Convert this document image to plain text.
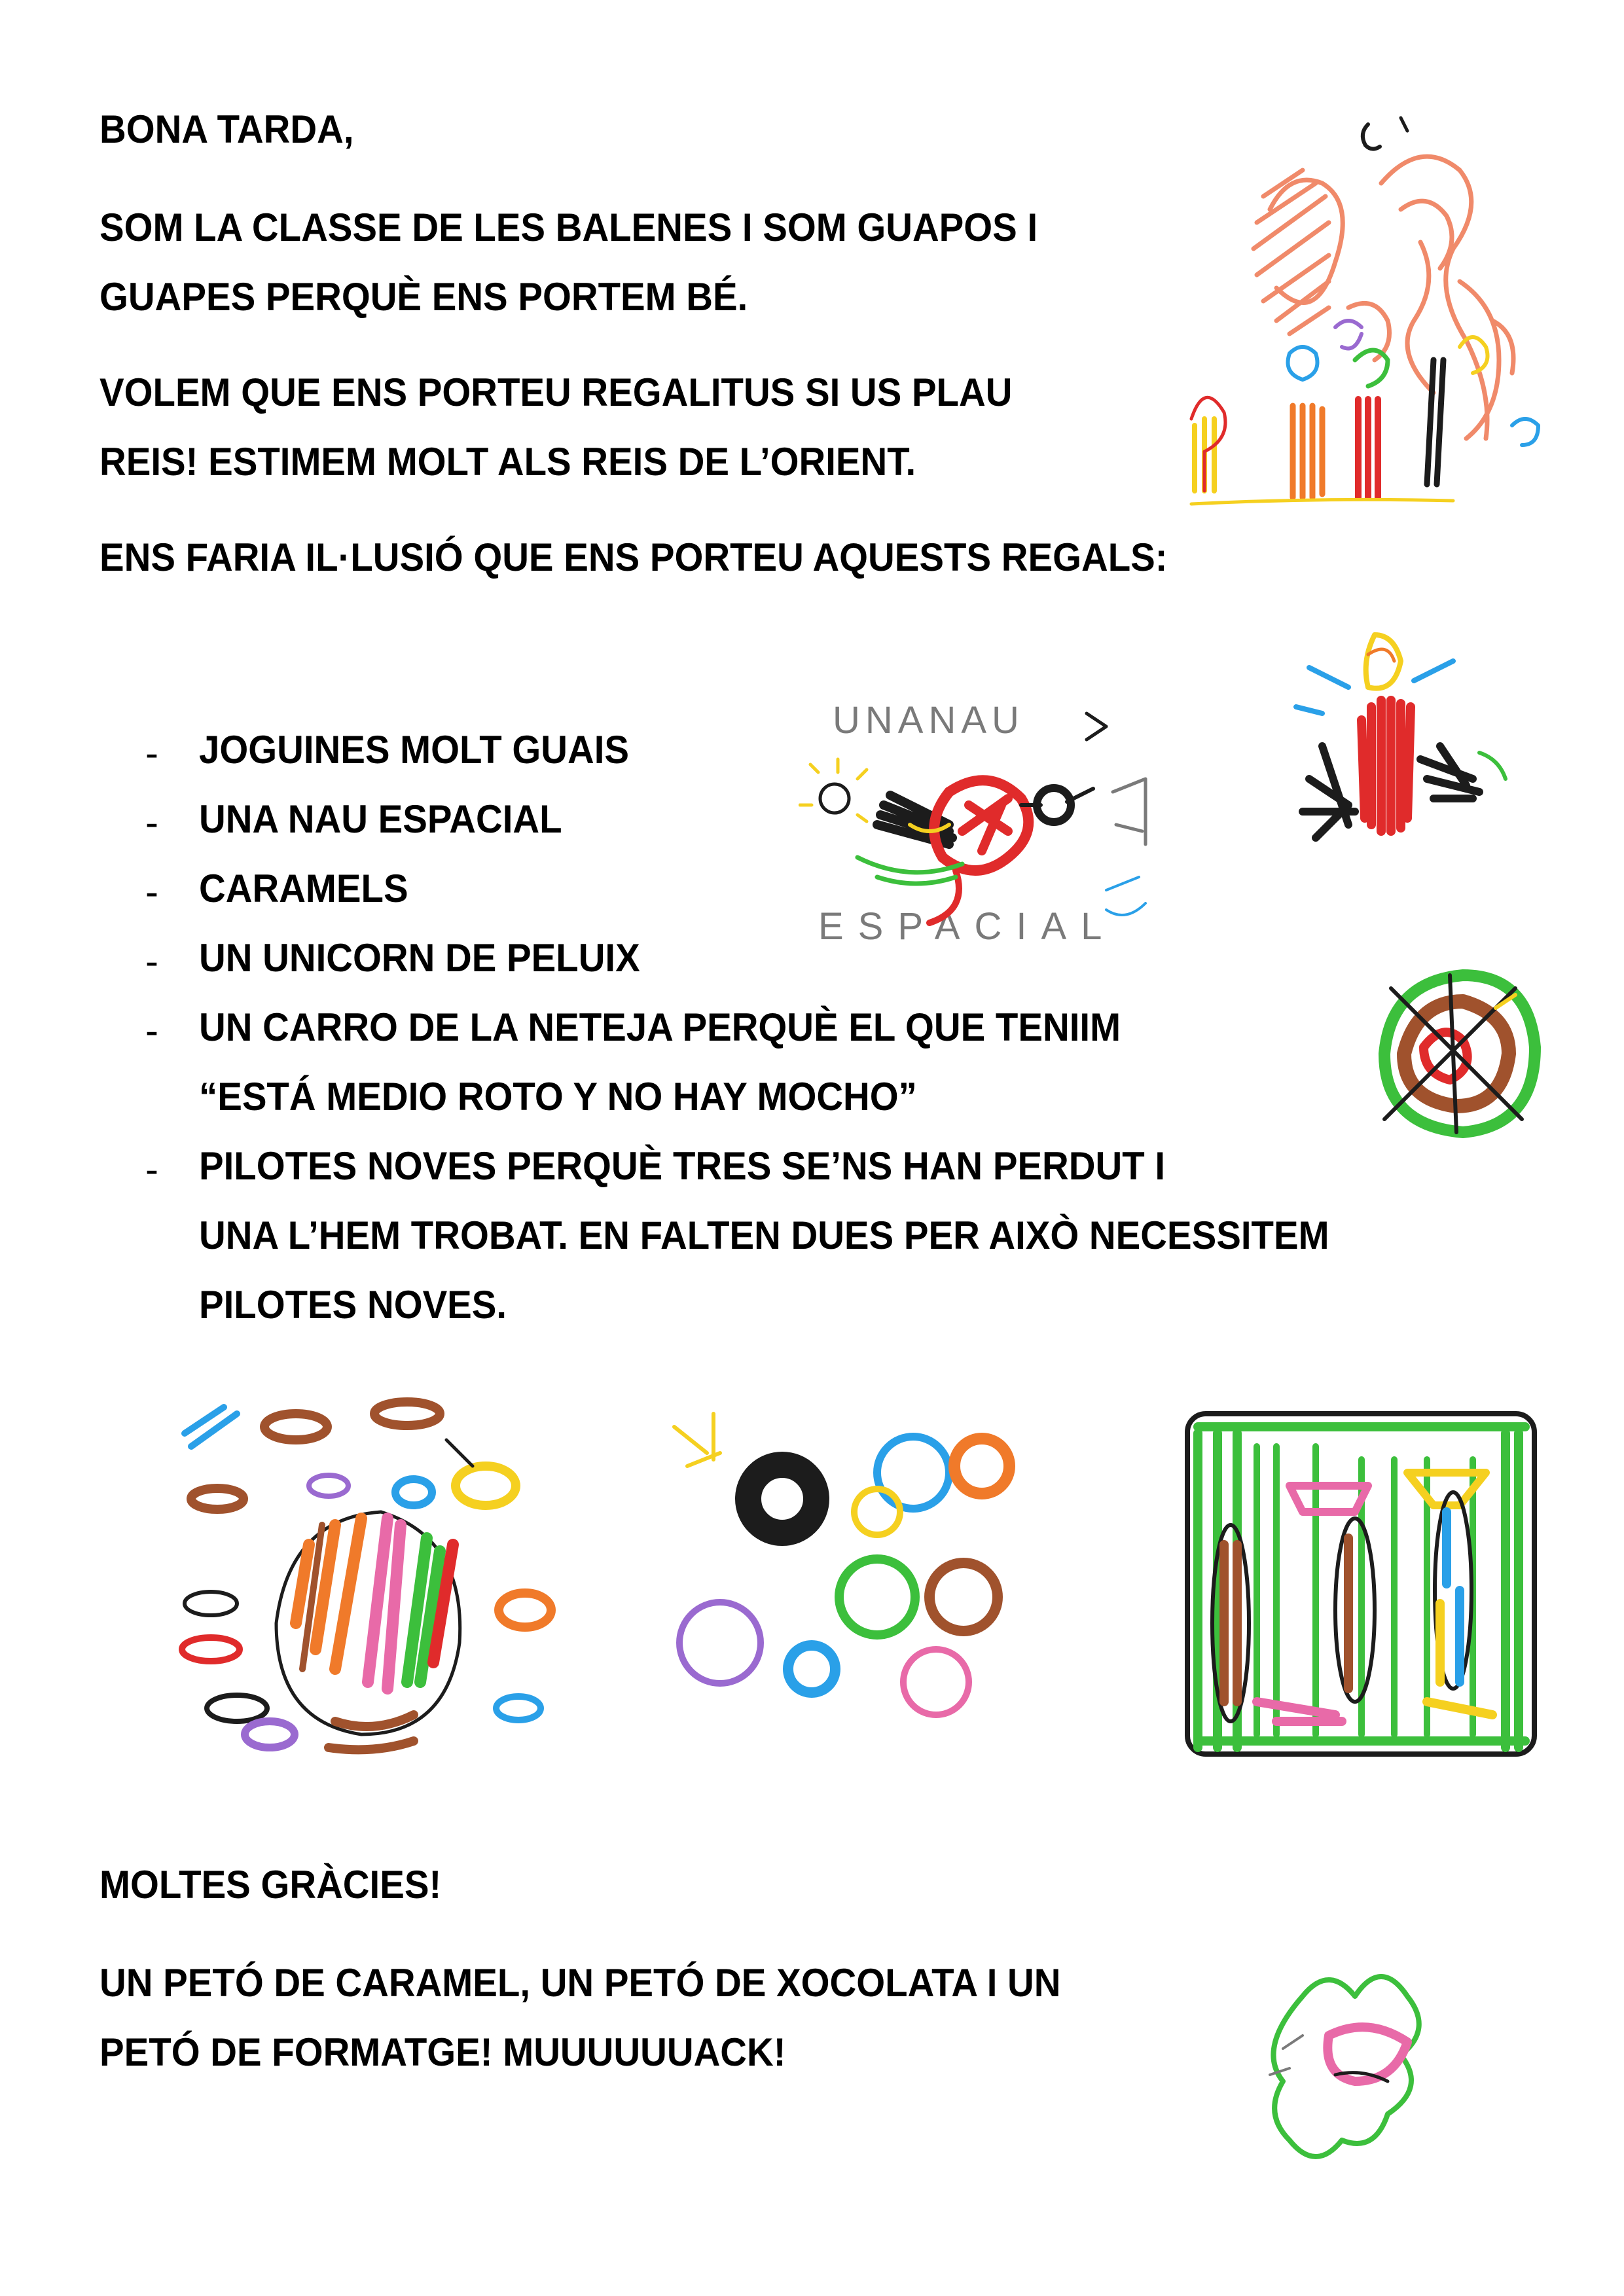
BONA TARDA,
SOM LA CLASSE DE LES BALENES I SOM GUAPOS I
GUAPES PERQUÈ ENS PORTEM BÉ.
VOLEM QUE ENS PORTEU REGALITUS SI US PLAU
REIS! ESTIMEM MOLT ALS REIS DE L’ORIENT.
ENS FARIA IL·LUSIÓ QUE ENS PORTEU AQUESTS REGALS:
- JOGUINES MOLT GUAIS
- UNA NAU ESPACIAL
- CARAMELS
- UN UNICORN DE PELUIX
- UN CARRO DE LA NETEJA PERQUÈ EL QUE TENIIM
“ESTÁ MEDIO ROTO Y NO HAY MOCHO”
- PILOTES NOVES PERQUÈ TRES SE’NS HAN PERDUT I
UNA L’HEM TROBAT. EN FALTEN DUES PER AIXÒ NECESSITEM
PILOTES NOVES.
MOLTES GRÀCIES!
UN PETÓ DE CARAMEL, UN PETÓ DE XOCOLATA I UN
PETÓ DE FORMATGE! MUUUUUUACK!
UNANAU
ESPACIAL
